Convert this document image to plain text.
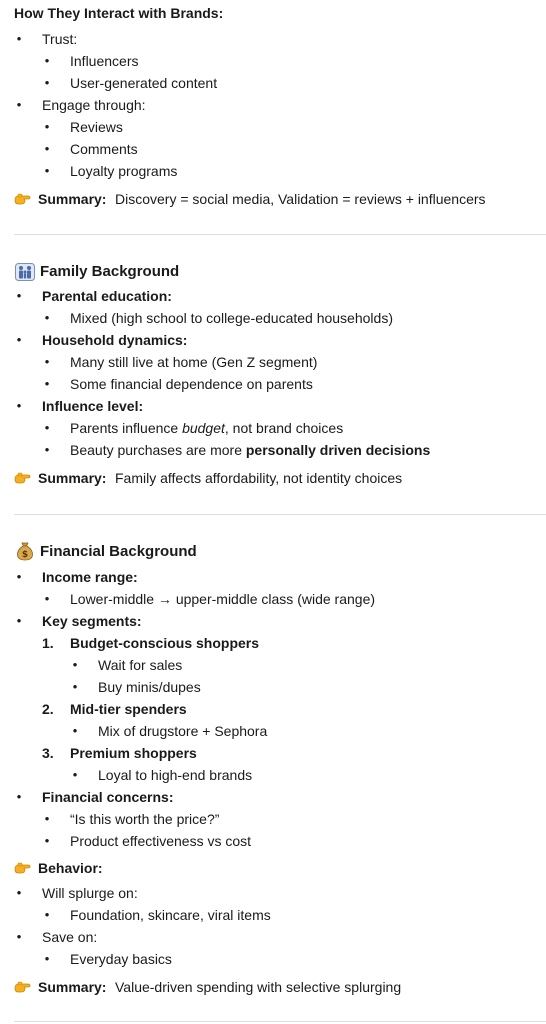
How They Interact with Brands:
• Trust:
• Influencers
• User-generated content
• Engage through:
• Reviews
• Comments
• Loyalty programs
Summary: Discovery = social media, Validation = reviews + influencers
Family Background
• Parental education:
• Mixed (high school to college-educated households)
• Household dynamics:
• Many still live at home (Gen Z segment)
• Some financial dependence on parents
• Influence level:
• Parents influence budget, not brand choices
• Beauty purchases are more personally driven decisions
Summary: Family affects affordability, not identity choices
$ Financial Background
• Income range:
• Lower-middle → upper-middle class (wide range)
• Key segments:
1. Budget-conscious shoppers
• Wait for sales
• Buy minis/dupes
2. Mid-tier spenders
• Mix of drugstore + Sephora
3. Premium shoppers
• Loyal to high-end brands
• Financial concerns:
• “Is this worth the price?”
• Product effectiveness vs cost
Behavior:
• Will splurge on:
• Foundation, skincare, viral items
• Save on:
• Everyday basics
Summary: Value-driven spending with selective splurging
